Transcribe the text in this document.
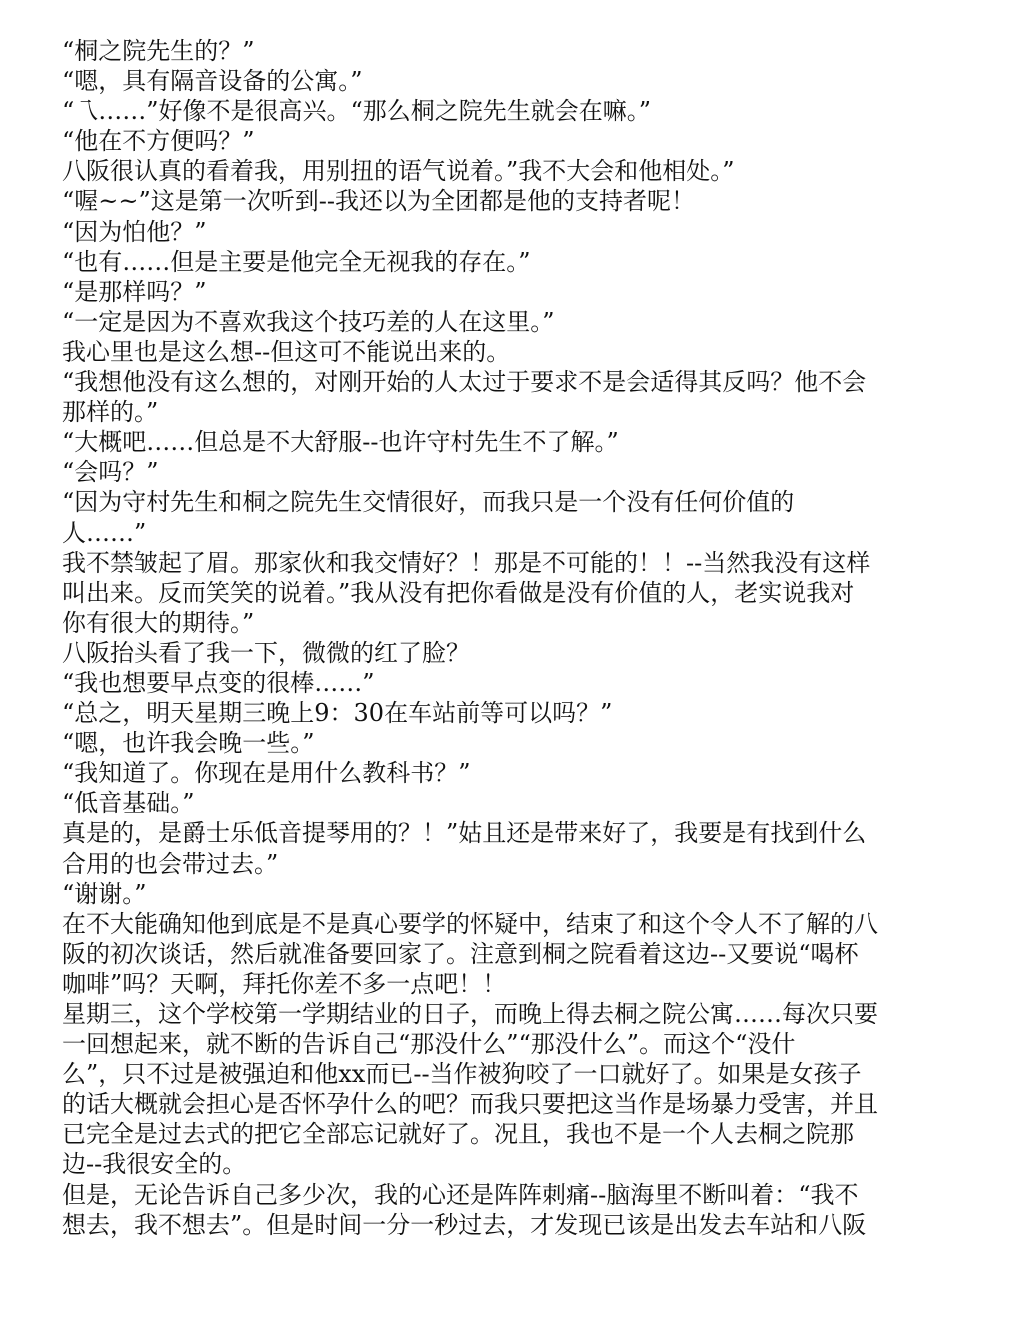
“桐之院先生的？”
“嗯，具有隔音设备的公寓。”
“乁……”好像不是很高兴。“那么桐之院先生就会在嘛。”
“他在不方便吗？”
八阪很认真的看着我，用别扭的语气说着。”我不大会和他相处。”
“喔~~”这是第一次听到--我还以为全团都是他的支持者呢！
“因为怕他？”
“也有……但是主要是他完全无视我的存在。”
“是那样吗？”
“一定是因为不喜欢我这个技巧差的人在这里。”
我心里也是这么想--但这可不能说出来的。
“我想他没有这么想的，对刚开始的人太过于要求不是会适得其反吗？他不会
那样的。”
“大概吧……但总是不大舒服--也许守村先生不了解。”
“会吗？”
“因为守村先生和桐之院先生交情很好，而我只是一个没有任何价值的
人……”
我不禁皱起了眉。那家伙和我交情好？！那是不可能的！！--当然我没有这样
叫出来。反而笑笑的说着。”我从没有把你看做是没有价值的人，老实说我对
你有很大的期待。”
八阪抬头看了我一下，微微的红了脸？
“我也想要早点变的很棒……”
“总之，明天星期三晚上9：30在车站前等可以吗？”
“嗯，也许我会晚一些。”
“我知道了。你现在是用什么教科书？”
“低音基础。”
真是的，是爵士乐低音提琴用的？！”姑且还是带来好了，我要是有找到什么
合用的也会带过去。”
“谢谢。”
在不大能确知他到底是不是真心要学的怀疑中，结束了和这个令人不了解的八
阪的初次谈话，然后就准备要回家了。注意到桐之院看着这边--又要说“喝杯
咖啡”吗？天啊，拜托你差不多一点吧！！
星期三，这个学校第一学期结业的日子，而晚上得去桐之院公寓……每次只要
一回想起来，就不断的告诉自己“那没什么”“那没什么”。而这个“没什
么”，只不过是被强迫和他xx而已--当作被狗咬了一口就好了。如果是女孩子
的话大概就会担心是否怀孕什么的吧？而我只要把这当作是场暴力受害，并且
已完全是过去式的把它全部忘记就好了。况且，我也不是一个人去桐之院那
边--我很安全的。
但是，无论告诉自己多少次，我的心还是阵阵刺痛--脑海里不断叫着：“我不
想去，我不想去”。但是时间一分一秒过去，才发现已该是出发去车站和八阪
